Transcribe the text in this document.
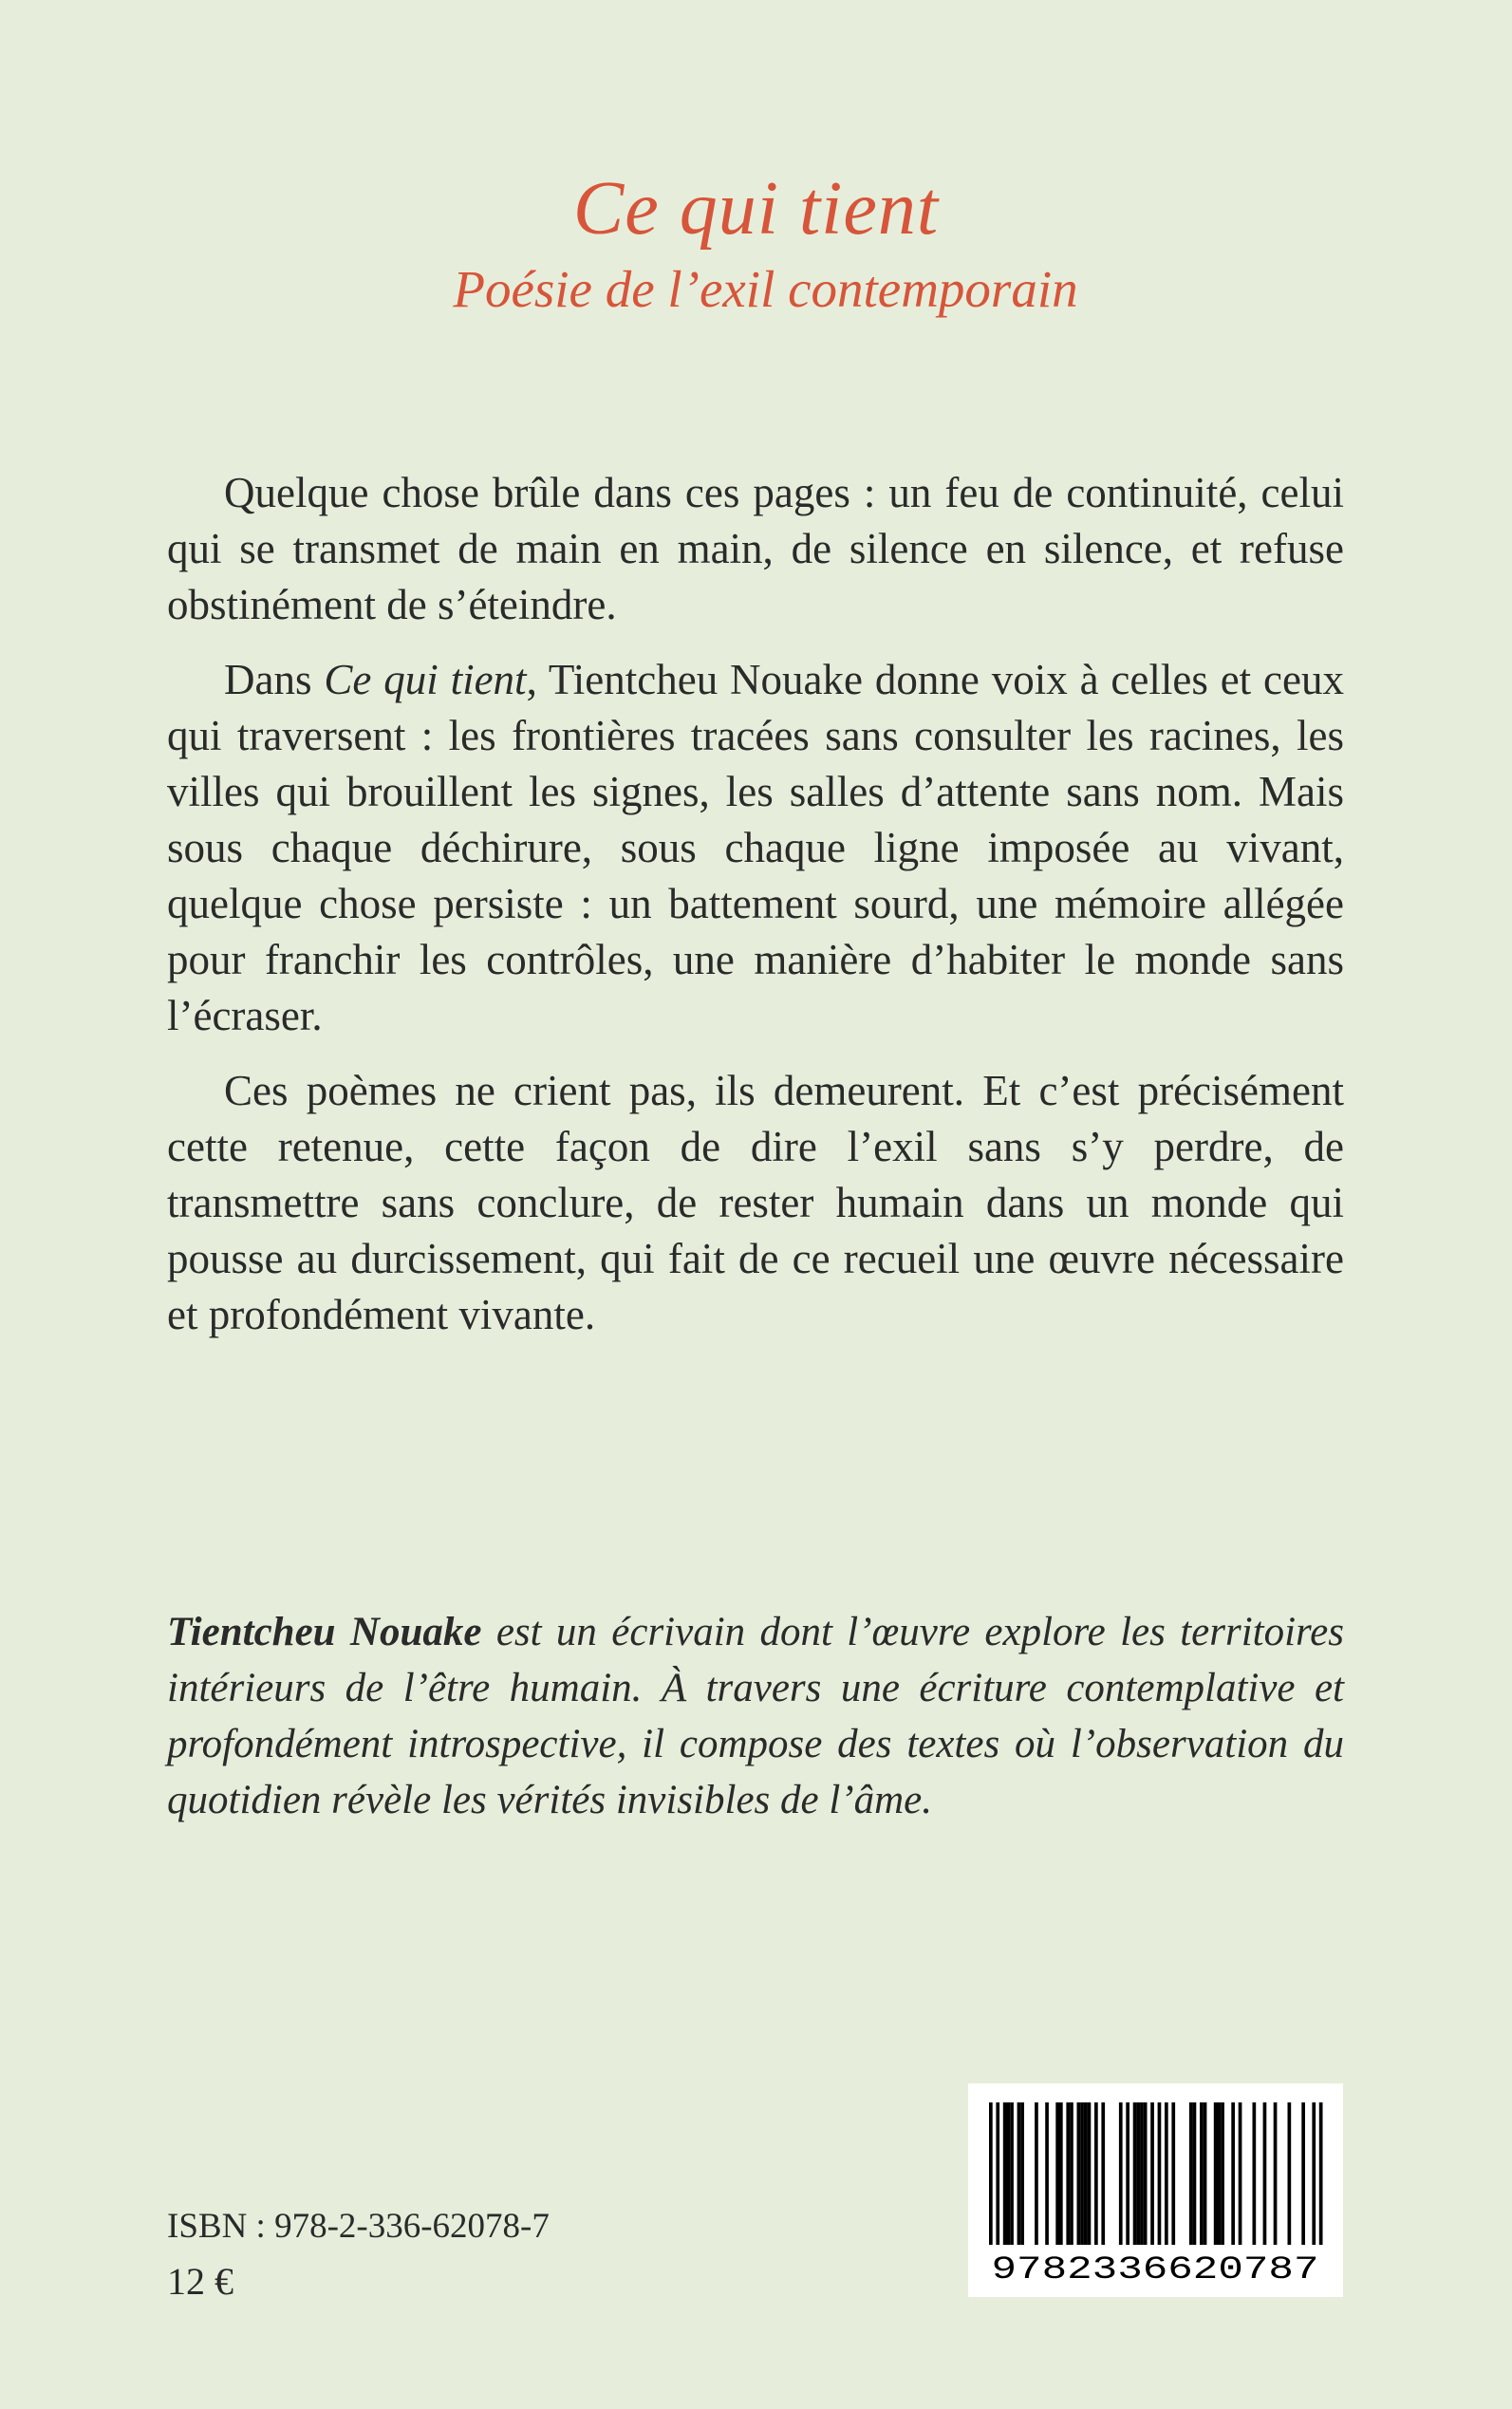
Ce qui tient
Poésie de l’exil contemporain

Quelque chose brûle dans ces pages : un feu de continuité, celui qui se transmet de main en main, de silence en silence, et refuse obstinément de s’éteindre.

Dans Ce qui tient, Tientcheu Nouake donne voix à celles et ceux qui traversent : les frontières tracées sans consulter les racines, les villes qui brouillent les signes, les salles d’attente sans nom. Mais sous chaque déchirure, sous chaque ligne imposée au vivant, quelque chose persiste : un battement sourd, une mémoire allégée pour franchir les contrôles, une manière d’habiter le monde sans l’écraser.

Ces poèmes ne crient pas, ils demeurent. Et c’est précisément cette retenue, cette façon de dire l’exil sans s’y perdre, de transmettre sans conclure, de rester humain dans un monde qui pousse au durcissement, qui fait de ce recueil une œuvre nécessaire et profondément vivante.

Tientcheu Nouake est un écrivain dont l’œuvre explore les territoires intérieurs de l’être humain. À travers une écriture contemplative et profondément introspective, il compose des textes où l’observation du quotidien révèle les vérités invisibles de l’âme.

ISBN : 978-2-336-62078-7

12 €	9782336620787
